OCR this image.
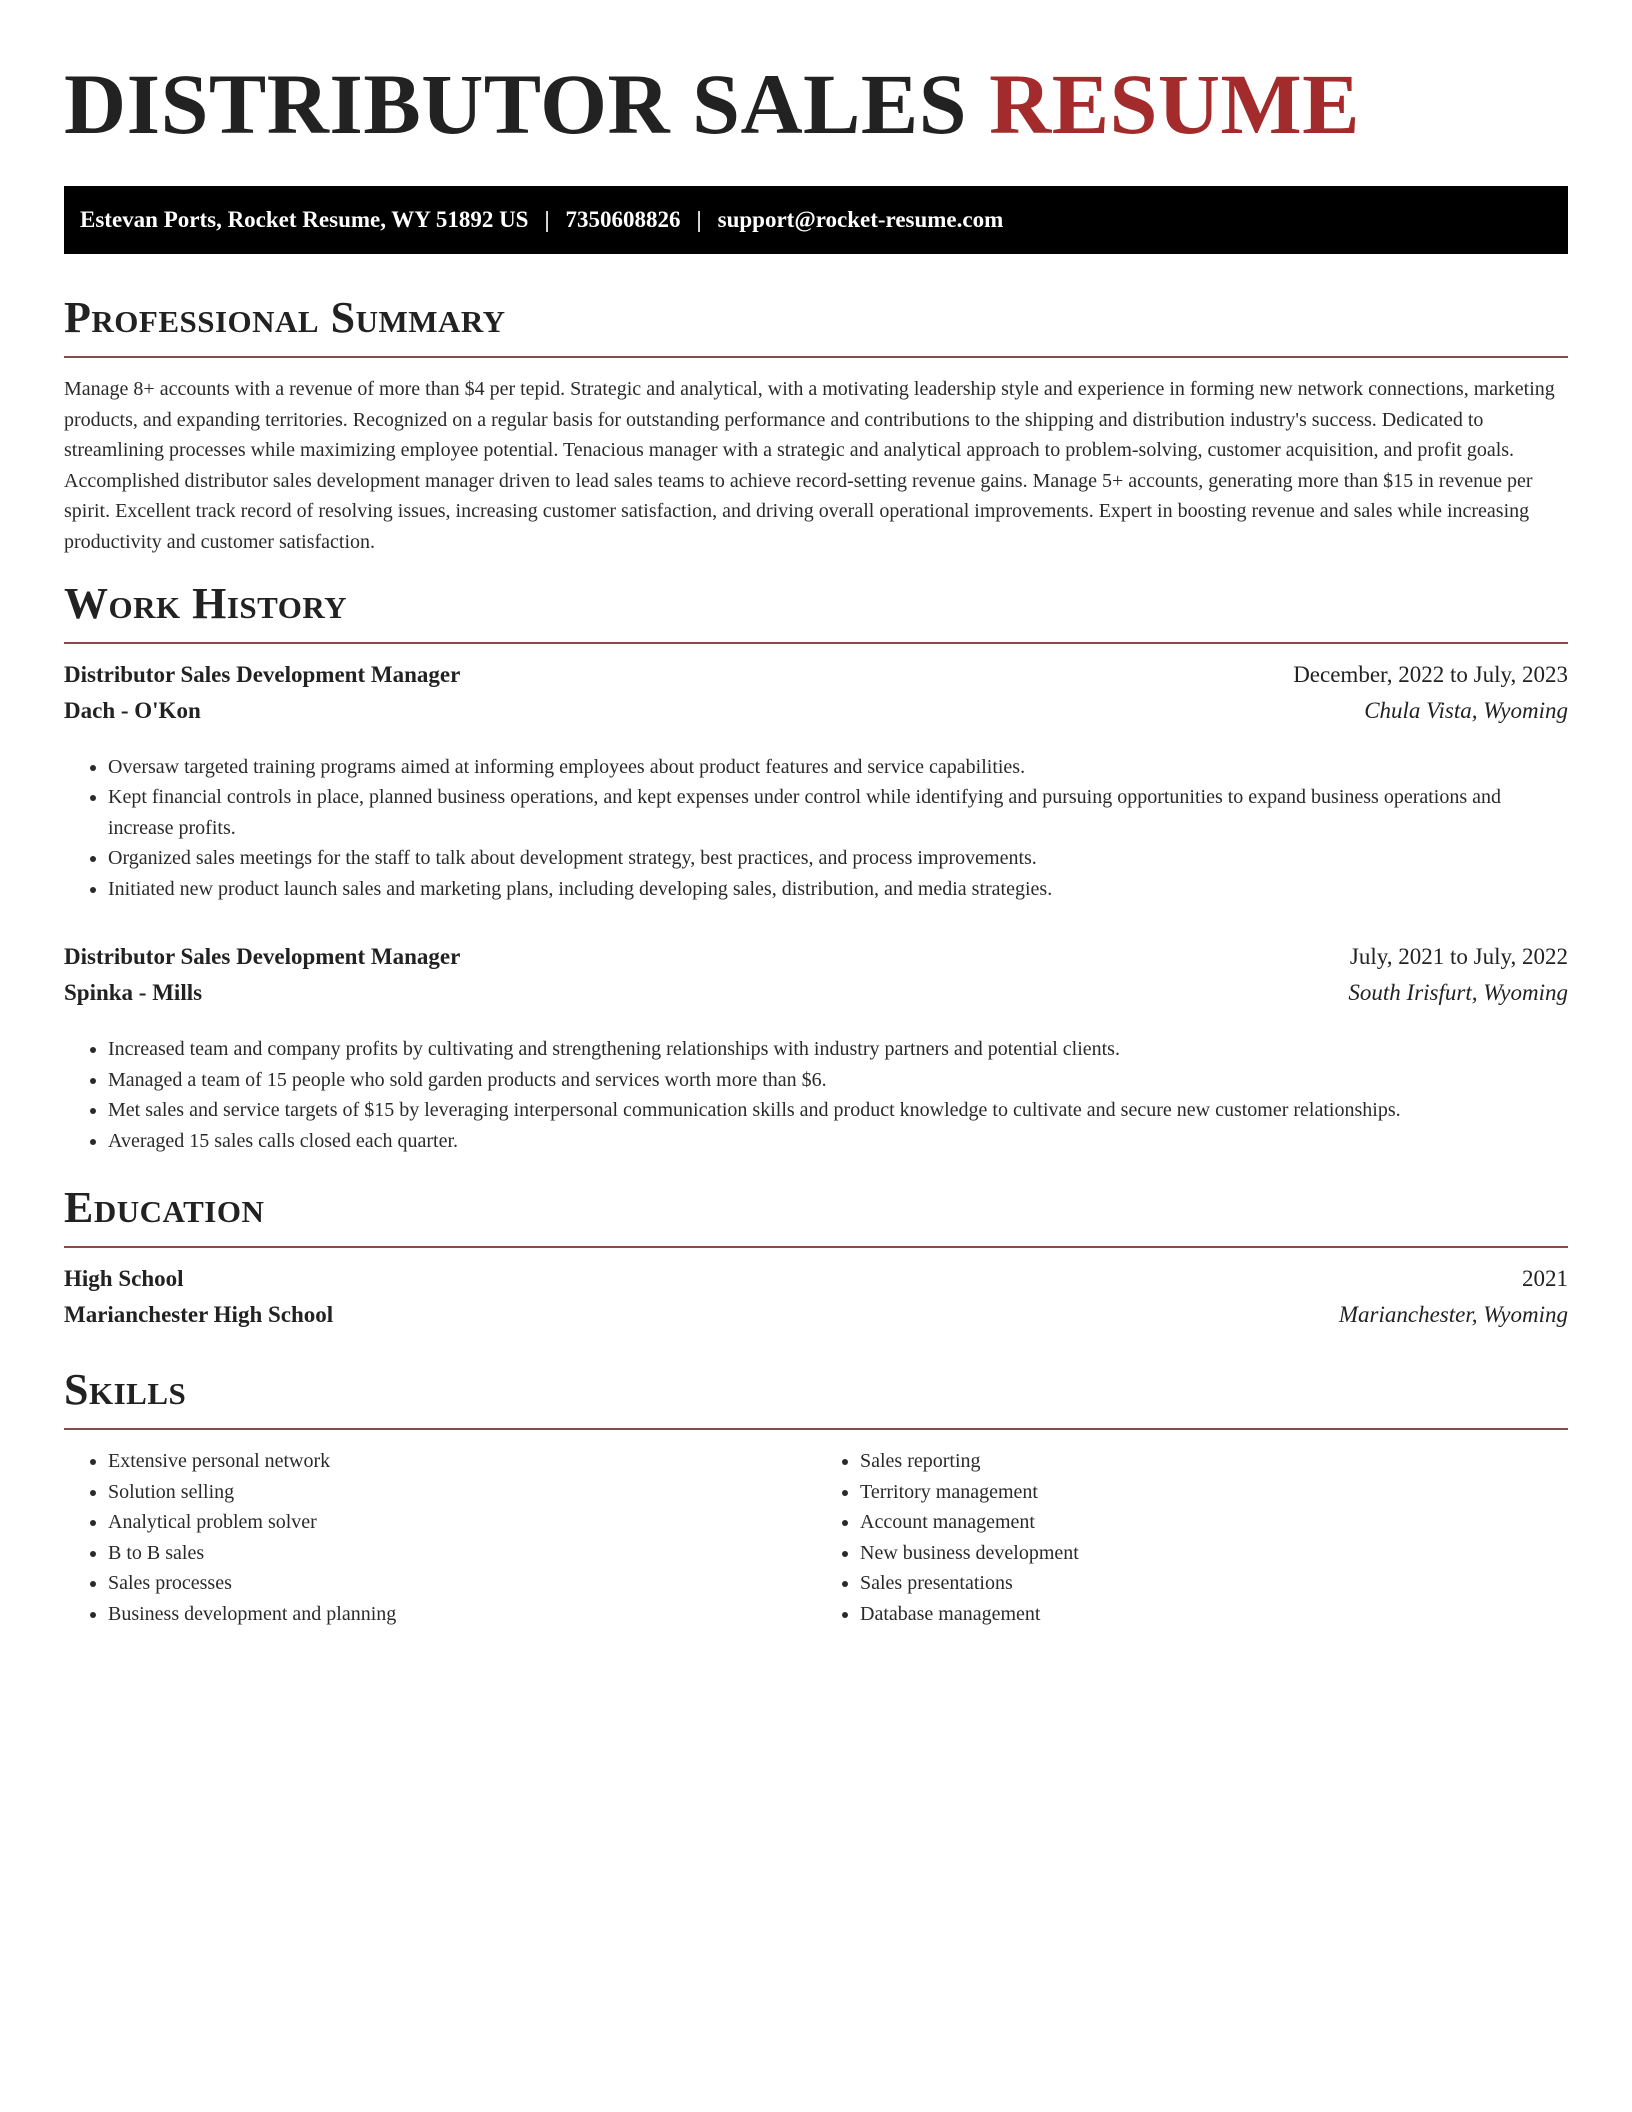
DISTRIBUTOR SALES RESUME
Estevan Ports, Rocket Resume, WY 51892 US | 7350608826 | support@rocket-resume.com
Professional Summary

Manage 8+ accounts with a revenue of more than $4 per tepid. Strategic and analytical, with a motivating leadership style and experience in forming new network connections, marketing products, and expanding territories. Recognized on a regular basis for outstanding performance and contributions to the shipping and distribution industry's success. Dedicated to streamlining processes while maximizing employee potential. Tenacious manager with a strategic and analytical approach to problem-solving, customer acquisition, and profit goals. Accomplished distributor sales development manager driven to lead sales teams to achieve record-setting revenue gains. Manage 5+ accounts, generating more than $15 in revenue per spirit. Excellent track record of resolving issues, increasing customer satisfaction, and driving overall operational improvements. Expert in boosting revenue and sales while increasing productivity and customer satisfaction.

Work History
Distributor Sales Development Manager	December, 2022 to July, 2023
Dach - O'Kon	Chula Vista, Wyoming
• Oversaw targeted training programs aimed at informing employees about product features and service capabilities.
• Kept financial controls in place, planned business operations, and kept expenses under control while identifying and pursuing opportunities to expand business operations and increase profits.
• Organized sales meetings for the staff to talk about development strategy, best practices, and process improvements.
• Initiated new product launch sales and marketing plans, including developing sales, distribution, and media strategies.
Distributor Sales Development Manager	July, 2021 to July, 2022
Spinka - Mills	South Irisfurt, Wyoming
• Increased team and company profits by cultivating and strengthening relationships with industry partners and potential clients.
• Managed a team of 15 people who sold garden products and services worth more than $6.
• Met sales and service targets of $15 by leveraging interpersonal communication skills and product knowledge to cultivate and secure new customer relationships.
• Averaged 15 sales calls closed each quarter.
Education
High School	2021
Marianchester High School	Marianchester, Wyoming
Skills
• Extensive personal network
• Solution selling
• Analytical problem solver
• B to B sales
• Sales processes
• Business development and planning
• Sales reporting
• Territory management
• Account management
• New business development
• Sales presentations
• Database management
